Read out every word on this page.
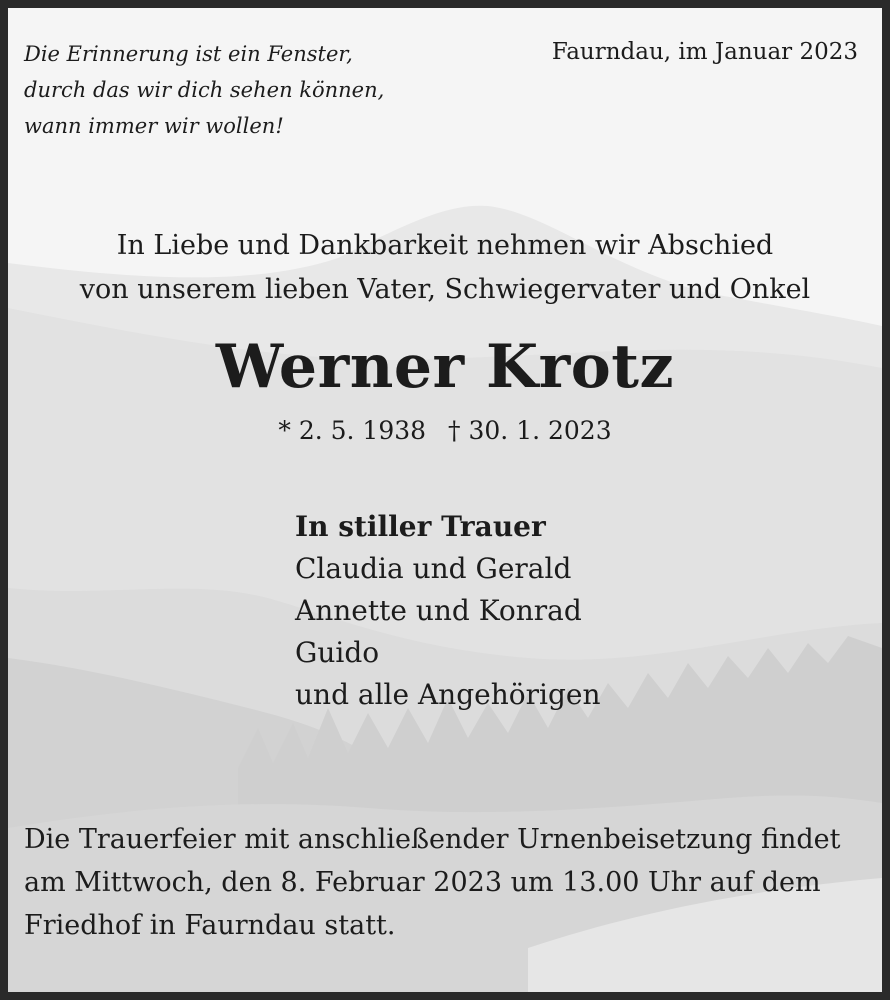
Die Erinnerung ist ein Fenster,
durch das wir dich sehen können,
wann immer wir wollen!
Faurndau, im Januar 2023
In Liebe und Dankbarkeit nehmen wir Abschied
von unserem lieben Vater, Schwiegervater und Onkel
Werner Krotz
* 2. 5. 1938 † 30. 1. 2023
In stiller Trauer
Claudia und Gerald
Annette und Konrad
Guido
und alle Angehörigen
Die Trauerfeier mit anschließender Urnenbeisetzung findet
am Mittwoch, den 8. Februar 2023 um 13.00 Uhr auf dem
Friedhof in Faurndau statt.
